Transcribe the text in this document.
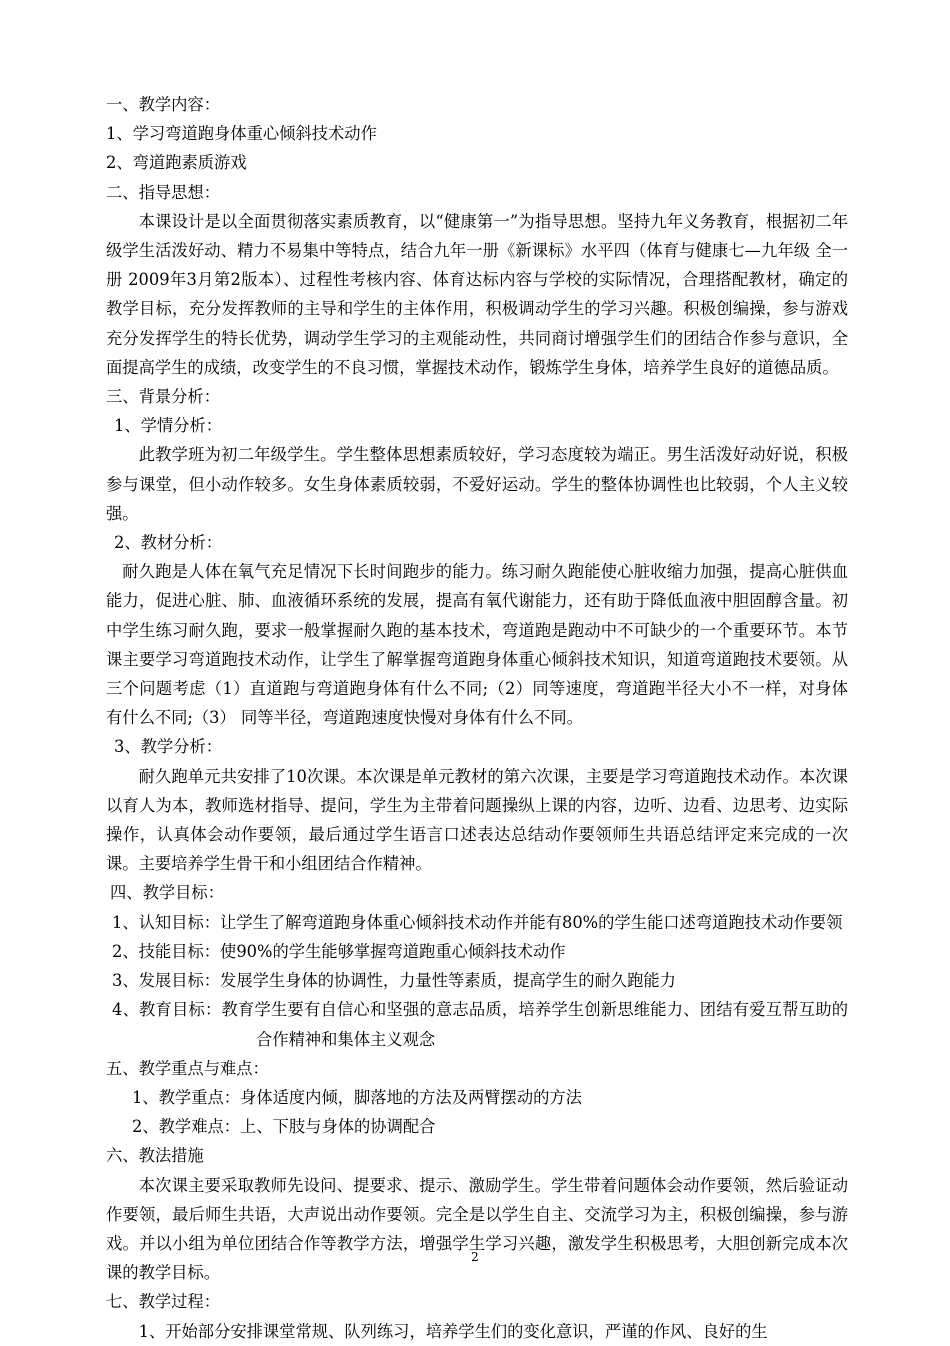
一、教学内容：

1、学习弯道跑身体重心倾斜技术动作

2、弯道跑素质游戏

二、指导思想：

本课设计是以全面贯彻落实素质教育，以“健康第一”为指导思想。坚持九年义务教育，根据初二年级学生活泼好动、精力不易集中等特点，结合九年一册《新课标》水平四（体育与健康七—九年级 全一册 2009年3月第2版本）、过程性考核内容、体育达标内容与学校的实际情况，合理搭配教材，确定的教学目标，充分发挥教师的主导和学生的主体作用，积极调动学生的学习兴趣。积极创编操，参与游戏充分发挥学生的特长优势，调动学生学习的主观能动性，共同商讨增强学生们的团结合作参与意识，全面提高学生的成绩，改变学生的不良习惯，掌握技术动作，锻炼学生身体，培养学生良好的道德品质。

三、背景分析：

1、学情分析：

此教学班为初二年级学生。学生整体思想素质较好，学习态度较为端正。男生活泼好动好说，积极参与课堂，但小动作较多。女生身体素质较弱，不爱好运动。学生的整体协调性也比较弱，个人主义较强。

2、教材分析：

耐久跑是人体在氧气充足情况下长时间跑步的能力。练习耐久跑能使心脏收缩力加强，提高心脏供血能力，促进心脏、肺、血液循环系统的发展，提高有氧代谢能力，还有助于降低血液中胆固醇含量。初中学生练习耐久跑，要求一般掌握耐久跑的基本技术，弯道跑是跑动中不可缺少的一个重要环节。本节课主要学习弯道跑技术动作，让学生了解掌握弯道跑身体重心倾斜技术知识，知道弯道跑技术要领。从三个问题考虑（1）直道跑与弯道跑身体有什么不同;（2）同等速度，弯道跑半径大小不一样，对身体有什么不同;（3） 同等半径，弯道跑速度快慢对身体有什么不同。

3、教学分析：

耐久跑单元共安排了10次课。本次课是单元教材的第六次课，主要是学习弯道跑技术动作。本次课以育人为本，教师选材指导、提问，学生为主带着问题操纵上课的内容，边听、边看、边思考、边实际操作，认真体会动作要领，最后通过学生语言口述表达总结动作要领师生共语总结评定来完成的一次课。主要培养学生骨干和小组团结合作精神。

四、教学目标：

1、认知目标：让学生了解弯道跑身体重心倾斜技术动作并能有80%的学生能口述弯道跑技术动作要领

2、技能目标：使90%的学生能够掌握弯道跑重心倾斜技术动作

3、发展目标：发展学生身体的协调性，力量性等素质，提高学生的耐久跑能力

4、教育目标：教育学生要有自信心和坚强的意志品质，培养学生创新思维能力、团结有爱互帮互助的合作精神和集体主义观念

五、教学重点与难点：

1、教学重点：身体适度内倾，脚落地的方法及两臂摆动的方法

2、教学难点：上、下肢与身体的协调配合

六、教法措施

本次课主要采取教师先设问、提要求、提示、激励学生。学生带着问题体会动作要领，然后验证动作要领，最后师生共语，大声说出动作要领。完全是以学生自主、交流学习为主，积极创编操，参与游戏。并以小组为单位团结合作等教学方法，增强学生学习兴趣，激发学生积极思考，大胆创新完成本次课的教学目标。

七、教学过程：

1、开始部分安排课堂常规、队列练习，培养学生们的变化意识，严谨的作风、良好的生

2
